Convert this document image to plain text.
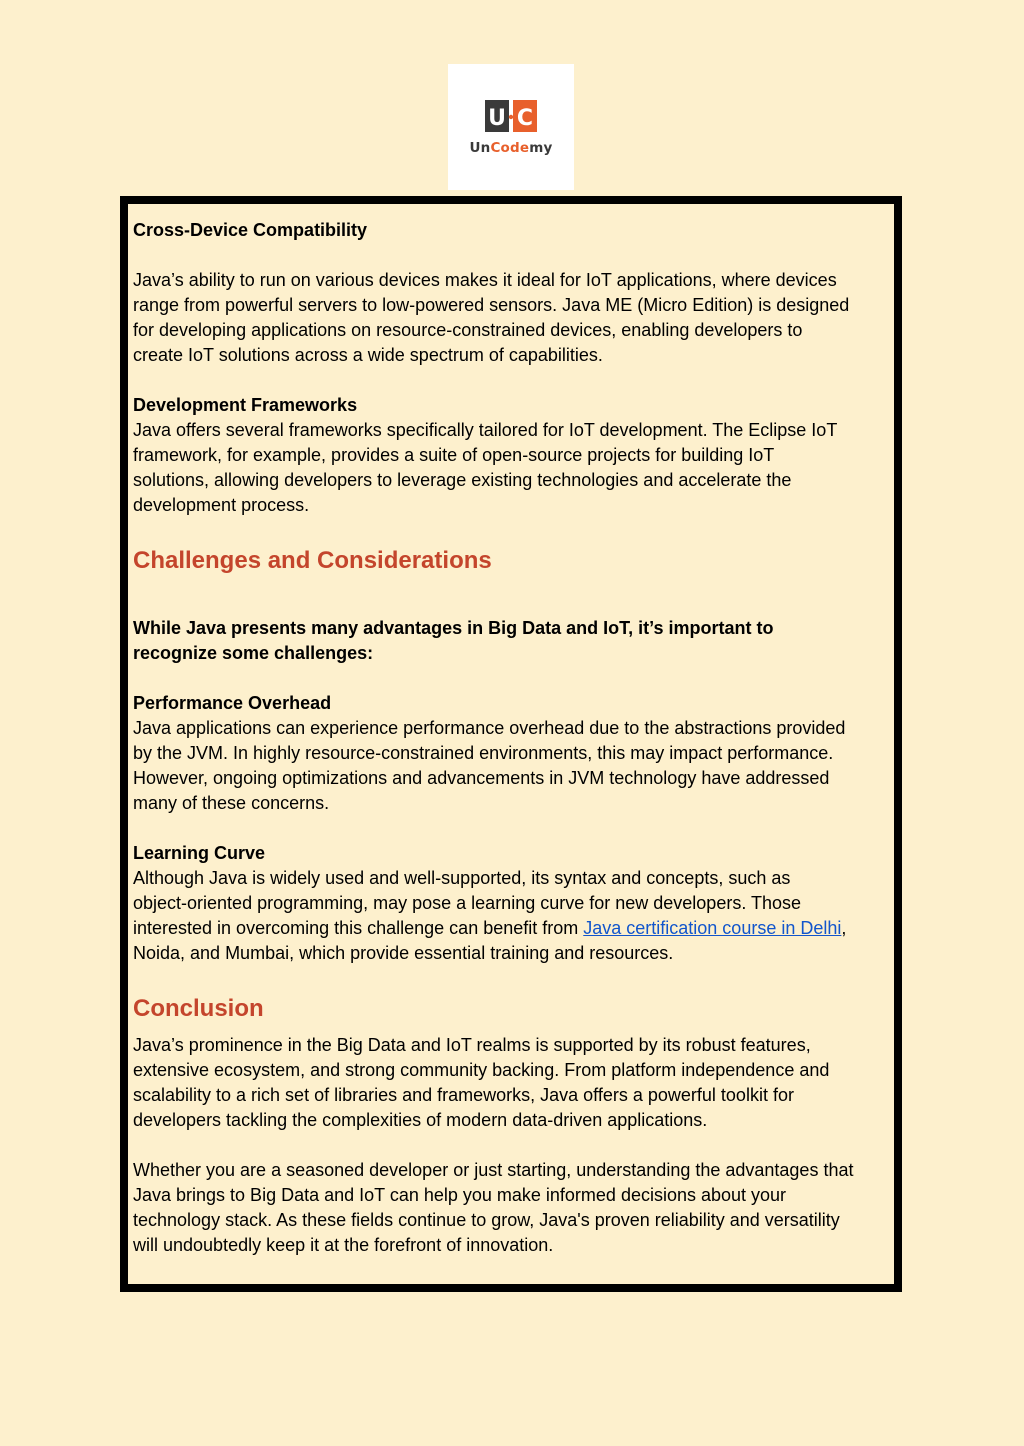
U C
UnCodemy

Cross-Device Compatibility

Java’s ability to run on various devices makes it ideal for IoT applications, where devices

range from powerful servers to low-powered sensors. Java ME (Micro Edition) is designed

for developing applications on resource-constrained devices, enabling developers to

create IoT solutions across a wide spectrum of capabilities.

Development Frameworks

Java offers several frameworks specifically tailored for IoT development. The Eclipse IoT

framework, for example, provides a suite of open-source projects for building IoT

solutions, allowing developers to leverage existing technologies and accelerate the

development process.

Challenges and Considerations

While Java presents many advantages in Big Data and IoT, it’s important to

recognize some challenges:

Performance Overhead

Java applications can experience performance overhead due to the abstractions provided

by the JVM. In highly resource-constrained environments, this may impact performance.

However, ongoing optimizations and advancements in JVM technology have addressed

many of these concerns.

Learning Curve

Although Java is widely used and well-supported, its syntax and concepts, such as

object-oriented programming, may pose a learning curve for new developers. Those

interested in overcoming this challenge can benefit from Java certification course in Delhi,

Noida, and Mumbai, which provide essential training and resources.

Conclusion

Java’s prominence in the Big Data and IoT realms is supported by its robust features,

extensive ecosystem, and strong community backing. From platform independence and

scalability to a rich set of libraries and frameworks, Java offers a powerful toolkit for

developers tackling the complexities of modern data-driven applications.

Whether you are a seasoned developer or just starting, understanding the advantages that

Java brings to Big Data and IoT can help you make informed decisions about your

technology stack. As these fields continue to grow, Java's proven reliability and versatility

will undoubtedly keep it at the forefront of innovation.
